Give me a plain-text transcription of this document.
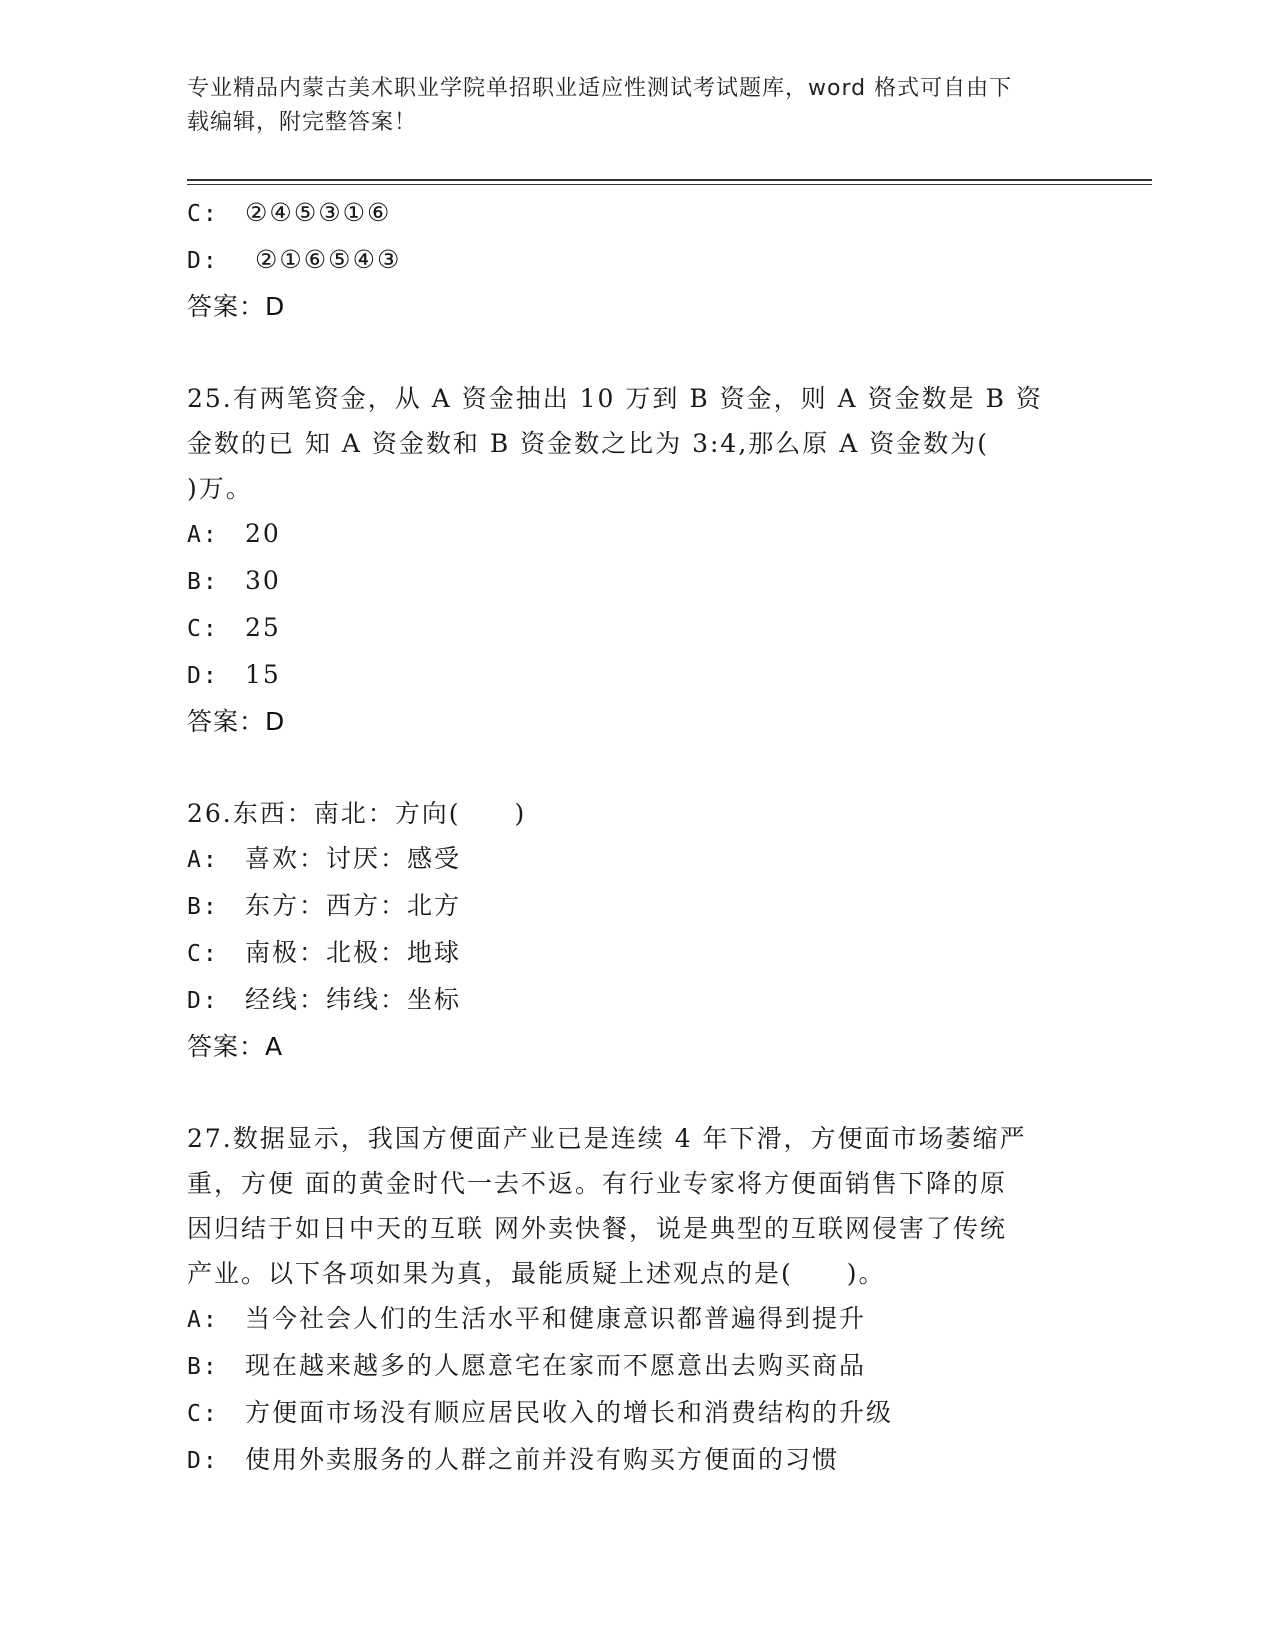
专业精品内蒙古美术职业学院单招职业适应性测试考试题库，word 格式可自由下
载编辑，附完整答案！
C: ②④⑤③①⑥
D: ②①⑥⑤④③
答案：D
25.有两笔资金，从 A 资金抽出 10 万到 B 资金，则 A 资金数是 B 资
金数的已 知 A 资金数和 B 资金数之比为 3:4,那么原 A 资金数为(
)万。
A: 20
B: 30
C: 25
D: 15
答案：D
26.东西：南北：方向(　　)
A: 喜欢：讨厌：感受
B: 东方：西方：北方
C: 南极：北极：地球
D: 经线：纬线：坐标
答案：A
27.数据显示，我国方便面产业已是连续 4 年下滑，方便面市场萎缩严
重，方便 面的黄金时代一去不返。有行业专家将方便面销售下降的原
因归结于如日中天的互联 网外卖快餐，说是典型的互联网侵害了传统
产业。以下各项如果为真，最能质疑上述观点的是(　　)。
A: 当今社会人们的生活水平和健康意识都普遍得到提升
B: 现在越来越多的人愿意宅在家而不愿意出去购买商品
C: 方便面市场没有顺应居民收入的增长和消费结构的升级
D: 使用外卖服务的人群之前并没有购买方便面的习惯
